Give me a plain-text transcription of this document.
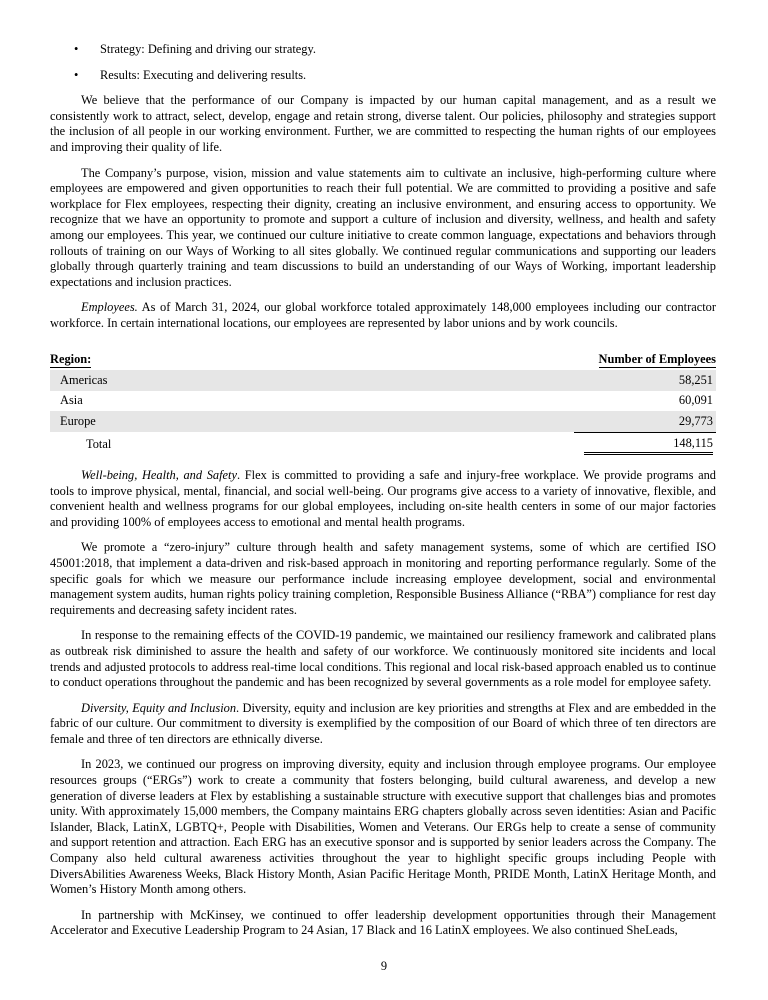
•	Strategy: Defining and driving our strategy.
•	Results: Executing and delivering results.

We believe that the performance of our Company is impacted by our human capital management, and as a result we consistently work to attract, select, develop, engage and retain strong, diverse talent. Our policies, philosophy and strategies support the inclusion of all people in our working environment. Further, we are committed to respecting the human rights of our employees and improving their quality of life.

The Company’s purpose, vision, mission and value statements aim to cultivate an inclusive, high-performing culture where employees are empowered and given opportunities to reach their full potential. We are committed to providing a positive and safe workplace for Flex employees, respecting their dignity, creating an inclusive environment, and ensuring access to opportunity. We recognize that we have an opportunity to promote and support a culture of inclusion and diversity, wellness, and health and safety among our employees. This year, we continued our culture initiative to create common language, expectations and behaviors through rollouts of training on our Ways of Working to all sites globally. We continued regular communications and supporting our leaders globally through quarterly training and team discussions to build an understanding of our Ways of Working, important leadership expectations and inclusion practices.

Employees. As of March 31, 2024, our global workforce totaled approximately 148,000 employees including our contractor workforce. In certain international locations, our employees are represented by labor unions and by work councils.

Region:	Number of Employees
Americas	58,251
Asia	60,091
Europe	29,773
Total	148,115

Well-being, Health, and Safety. Flex is committed to providing a safe and injury-free workplace. We provide programs and tools to improve physical, mental, financial, and social well-being. Our programs give access to a variety of innovative, flexible, and convenient health and wellness programs for our global employees, including on-site health centers in some of our major factories and providing 100% of employees access to emotional and mental health programs.

We promote a “zero-injury” culture through health and safety management systems, some of which are certified ISO 45001:2018, that implement a data-driven and risk-based approach in monitoring and reporting performance regularly. Some of the specific goals for which we measure our performance include increasing employee development, social and environmental management system audits, human rights policy training completion, Responsible Business Alliance (“RBA”) compliance for rest day requirements and decreasing safety incident rates.

In response to the remaining effects of the COVID-19 pandemic, we maintained our resiliency framework and calibrated plans as outbreak risk diminished to assure the health and safety of our workforce. We continuously monitored site incidents and local trends and adjusted protocols to address real-time local conditions. This regional and local risk-based approach enabled us to continue to conduct operations throughout the pandemic and has been recognized by several governments as a role model for employee safety.

Diversity, Equity and Inclusion. Diversity, equity and inclusion are key priorities and strengths at Flex and are embedded in the fabric of our culture. Our commitment to diversity is exemplified by the composition of our Board of which three of ten directors are female and three of ten directors are ethnically diverse.

In 2023, we continued our progress on improving diversity, equity and inclusion through employee programs. Our employee resources groups (“ERGs”) work to create a community that fosters belonging, build cultural awareness, and develop a new generation of diverse leaders at Flex by establishing a sustainable structure with executive support that challenges bias and promotes unity. With approximately 15,000 members, the Company maintains ERG chapters globally across seven identities: Asian and Pacific Islander, Black, LatinX, LGBTQ+, People with Disabilities, Women and Veterans. Our ERGs help to create a sense of community and support retention and attraction. Each ERG has an executive sponsor and is supported by senior leaders across the Company. The Company also held cultural awareness activities throughout the year to highlight specific groups including People with DiversAbilities Awareness Weeks, Black History Month, Asian Pacific Heritage Month, PRIDE Month, LatinX Heritage Month, and Women’s History Month among others.

In partnership with McKinsey, we continued to offer leadership development opportunities through their Management Accelerator and Executive Leadership Program to 24 Asian, 17 Black and 16 LatinX employees. We also continued SheLeads,

9
